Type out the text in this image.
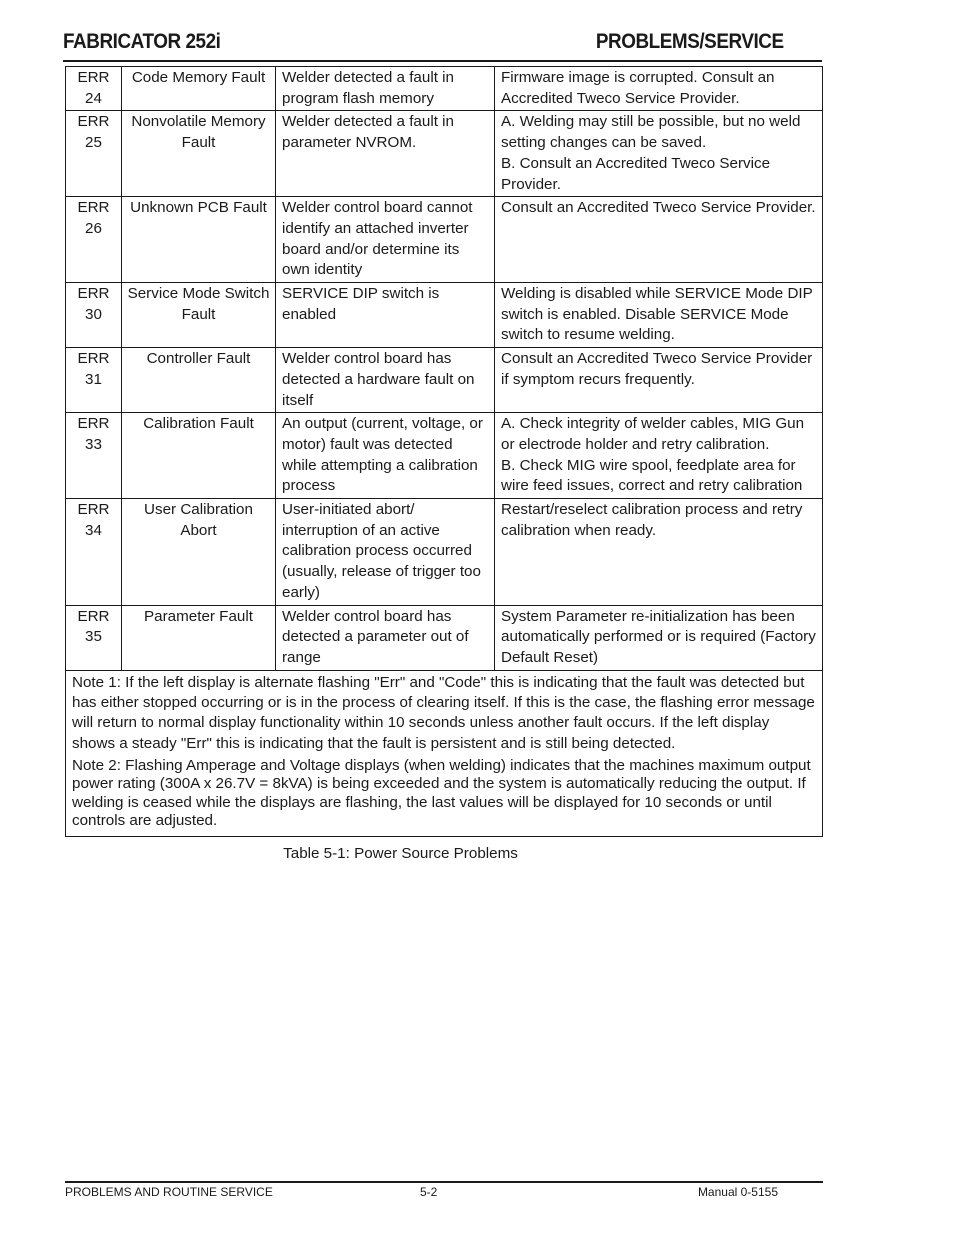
FABRICATOR 252i	PROBLEMS/SERVICE
ERR
24	Code Memory Fault	Welder detected a fault in program flash memory	Firmware image is corrupted. Consult an Accredited Tweco Service Provider.
ERR
25	Nonvolatile Memory Fault	Welder detected a fault in parameter NVROM.	A. Welding may still be possible, but no weld setting changes can be saved.
B. Consult an Accredited Tweco Service Provider.
ERR
26	Unknown PCB Fault	Welder control board cannot identify an attached inverter board and/or determine its own identity	Consult an Accredited Tweco Service Provider.
ERR
30	Service Mode Switch Fault	SERVICE DIP switch is enabled	Welding is disabled while SERVICE Mode DIP switch is enabled. Disable SERVICE Mode switch to resume welding.
ERR
31	Controller Fault	Welder control board has detected a hardware fault on itself	Consult an Accredited Tweco Service Provider if symptom recurs frequently.
ERR
33	Calibration Fault	An output (current, voltage, or motor) fault was detected while attempting a calibration process	A. Check integrity of welder cables, MIG Gun or electrode holder and retry calibration.
B. Check MIG wire spool, feedplate area for wire feed issues, correct and retry calibration
ERR
34	User Calibration Abort	User-initiated abort/ interruption of an active calibration process occurred (usually, release of trigger too early)	Restart/reselect calibration process and retry calibration when ready.
ERR
35	Parameter Fault	Welder control board has detected a parameter out of range	System Parameter re-initialization has been automatically performed or is required (Factory Default Reset)

Note 1: If the left display is alternate flashing "Err" and "Code" this is indicating that the fault was detected but has either stopped occurring or is in the process of clearing itself. If this is the case, the flashing error message will return to normal display functionality within 10 seconds unless another fault occurs. If the left display shows a steady "Err" this is indicating that the fault is persistent and is still being detected.

Note 2: Flashing Amperage and Voltage displays (when welding) indicates that the machines maximum output power rating (300A x 26.7V = 8kVA) is being exceeded and the system is automatically reducing the output. If welding is ceased while the displays are flashing, the last values will be displayed for 10 seconds or until controls are adjusted.			

Table 5-1: Power Source Problems
PROBLEMS AND ROUTINE SERVICE	5-2	Manual 0-5155
